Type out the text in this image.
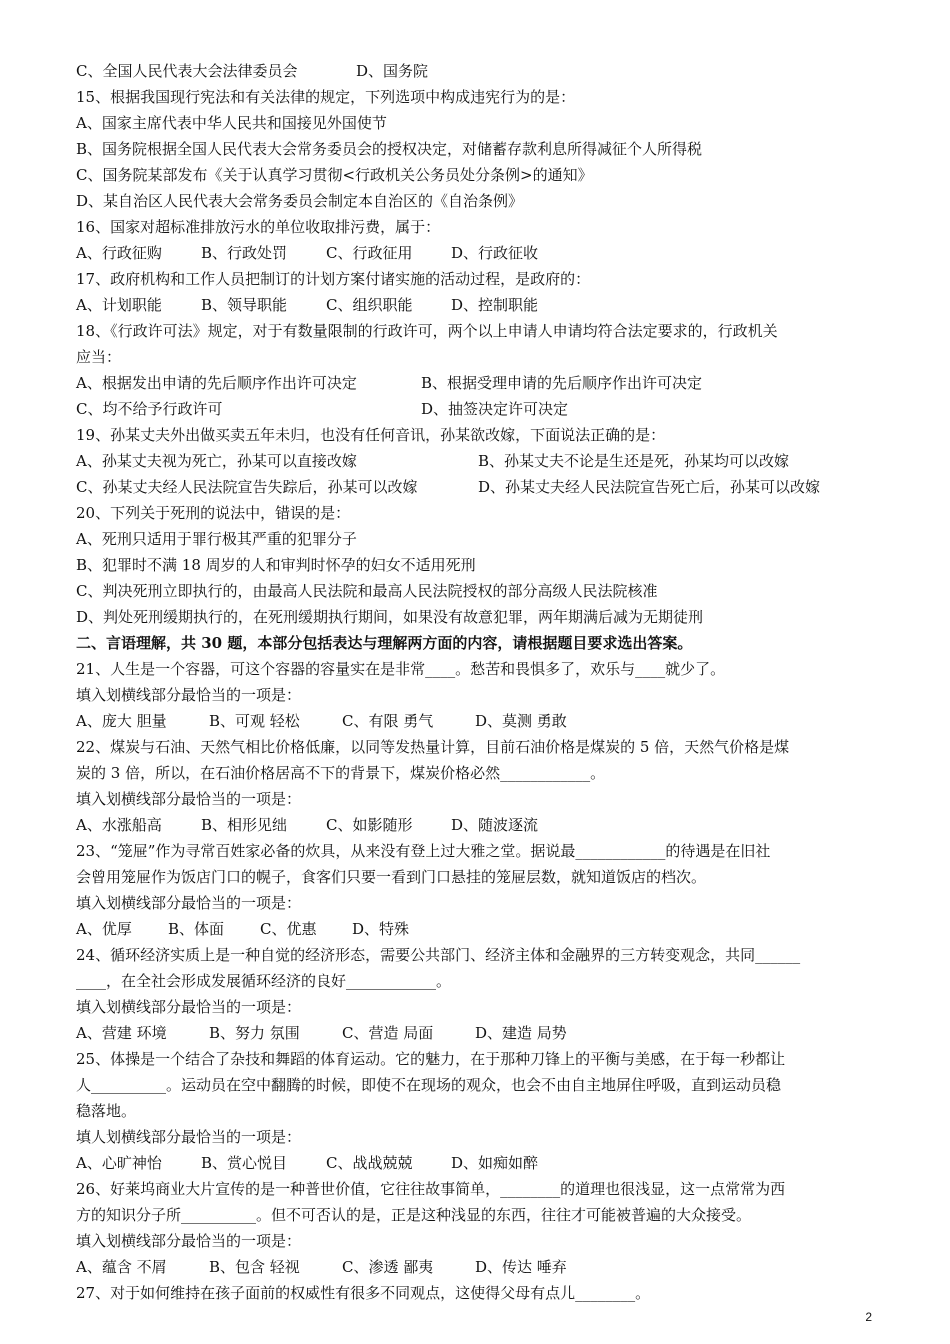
C、全国人民代表大会法律委员会	D、国务院
15、根据我国现行宪法和有关法律的规定，下列选项中构成违宪行为的是：
A、国家主席代表中华人民共和国接见外国使节
B、国务院根据全国人民代表大会常务委员会的授权决定，对储蓄存款利息所得减征个人所得税
C、国务院某部发布《关于认真学习贯彻<行政机关公务员处分条例>的通知》
D、某自治区人民代表大会常务委员会制定本自治区的《自治条例》
16、国家对超标准排放污水的单位收取排污费，属于：
A、行政征购	B、行政处罚	C、行政征用	D、行政征收
17、政府机构和工作人员把制订的计划方案付诸实施的活动过程，是政府的：
A、计划职能	B、领导职能	C、组织职能	D、控制职能
18、《行政许可法》规定，对于有数量限制的行政许可，两个以上申请人申请均符合法定要求的，行政机关
应当：
A、根据发出申请的先后顺序作出许可决定	B、根据受理申请的先后顺序作出许可决定
C、均不给予行政许可	D、抽签决定许可决定
19、孙某丈夫外出做买卖五年未归，也没有任何音讯，孙某欲改嫁，下面说法正确的是：
A、孙某丈夫视为死亡，孙某可以直接改嫁	B、孙某丈夫不论是生还是死，孙某均可以改嫁
C、孙某丈夫经人民法院宣告失踪后，孙某可以改嫁	D、孙某丈夫经人民法院宣告死亡后，孙某可以改嫁
20、下列关于死刑的说法中，错误的是：
A、死刑只适用于罪行极其严重的犯罪分子
B、犯罪时不满 18 周岁的人和审判时怀孕的妇女不适用死刑
C、判决死刑立即执行的，由最高人民法院和最高人民法院授权的部分高级人民法院核准
D、判处死刑缓期执行的，在死刑缓期执行期间，如果没有故意犯罪，两年期满后减为无期徒刑
二、言语理解，共 30 题，本部分包括表达与理解两方面的内容，请根据题目要求选出答案。
21、人生是一个容器，可这个容器的容量实在是非常____。愁苦和畏惧多了，欢乐与____就少了。
填入划横线部分最恰当的一项是：
A、庞大 胆量	B、可观 轻松	C、有限 勇气	D、莫测 勇敢
22、煤炭与石油、天然气相比价格低廉，以同等发热量计算，目前石油价格是煤炭的 5 倍，天然气价格是煤
炭的 3 倍，所以，在石油价格居高不下的背景下，煤炭价格必然____________。
填入划横线部分最恰当的一项是：
A、水涨船高	B、相形见绌	C、如影随形	D、随波逐流
23、“笼屉”作为寻常百姓家必备的炊具，从来没有登上过大雅之堂。据说最____________的待遇是在旧社
会曾用笼屉作为饭店门口的幌子，食客们只要一看到门口悬挂的笼屉层数，就知道饭店的档次。
填入划横线部分最恰当的一项是：
A、优厚 B、体面 C、优惠 D、特殊
24、循环经济实质上是一种自觉的经济形态，需要公共部门、经济主体和金融界的三方转变观念，共同______
____，在全社会形成发展循环经济的良好____________。
填入划横线部分最恰当的一项是：
A、营建 环境	B、努力 氛围	C、营造 局面	D、建造 局势
25、体操是一个结合了杂技和舞蹈的体育运动。它的魅力，在于那种刀锋上的平衡与美感，在于每一秒都让
人__________。运动员在空中翻腾的时候，即使不在现场的观众，也会不由自主地屏住呼吸，直到运动员稳
稳落地。
填人划横线部分最恰当的一项是：
A、心旷神怡	B、赏心悦目	C、战战兢兢	D、如痴如醉
26、好莱坞商业大片宣传的是一种普世价值，它往往故事简单，________的道理也很浅显，这一点常常为西
方的知识分子所__________。但不可否认的是，正是这种浅显的东西，往往才可能被普遍的大众接受。
填入划横线部分最恰当的一项是：
A、蕴含 不屑	B、包含 轻视	C、渗透 鄙夷	D、传达 唾弃
27、对于如何维持在孩子面前的权威性有很多不同观点，这使得父母有点儿________。
2
